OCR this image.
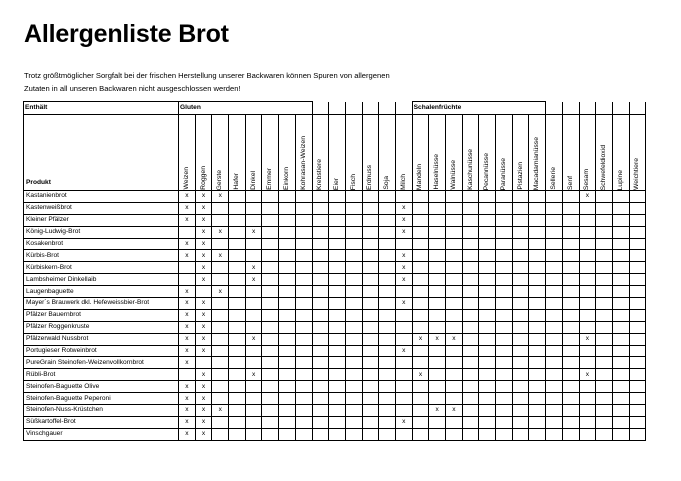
Allergenliste Brot
Trotz größtmöglicher Sorgfalt bei der frischen Herstellung unserer Backwaren können Spuren von allergenen
Zutaten in all unseren Backwaren nicht ausgeschlossen werden!
Enthält	Gluten														Schalenfrüchte													
Produkt	Weizen	Roggen	Gerste	Hafer	Dinkel	Emmer	Einkorn	Kohrasan-Weizen	Krebstiere	Eier	Fisch	Erdnuss	Soja	Milch	Mandeln	Haselnüsse	Walnüsse	Kaschunüsse	Pecannüsse	Paranüsse	Pistazien	Macadamianüsse	Sellerie	Senf	Sesam	Schwefeldioxid	Lupine	Weichtiere

Kastanienbrot	x	x	x																						x			
Kastenweißbrot	x	x												x														
Kleiner Pfälzer	x	x												x														
König-Ludwig-Brot		x	x		x									x														
Kosakenbrot	x	x																										
Kürbis-Brot	x	x	x											x														
Kürbiskern-Brot		x			x									x														
Lambsheimer Dinkellaib		x			x									x														
Laugenbaguette	x		x																									
Mayer´s Brauwerk dkl. Hefeweissbier-Brot	x	x												x														
Pfälzer Bauernbrot	x	x																										
Pfälzer Roggenkruste	x	x																										
Pfälzerwald Nussbrot	x	x			x										x	x	x								x			
Portugieser Rotweinbrot	x	x												x														
PureGrain Steinofen-Weizenvollkornbrot	x																											
Rübli-Brot		x			x										x										x			
Steinofen-Baguette Olive	x	x																										
Steinofen-Baguette Peperoni	x	x																										
Steinofen-Nuss-Krüstchen	x	x	x													x	x											
Süßkartoffel-Brot	x	x												x														
Vinschgauer	x	x																										
